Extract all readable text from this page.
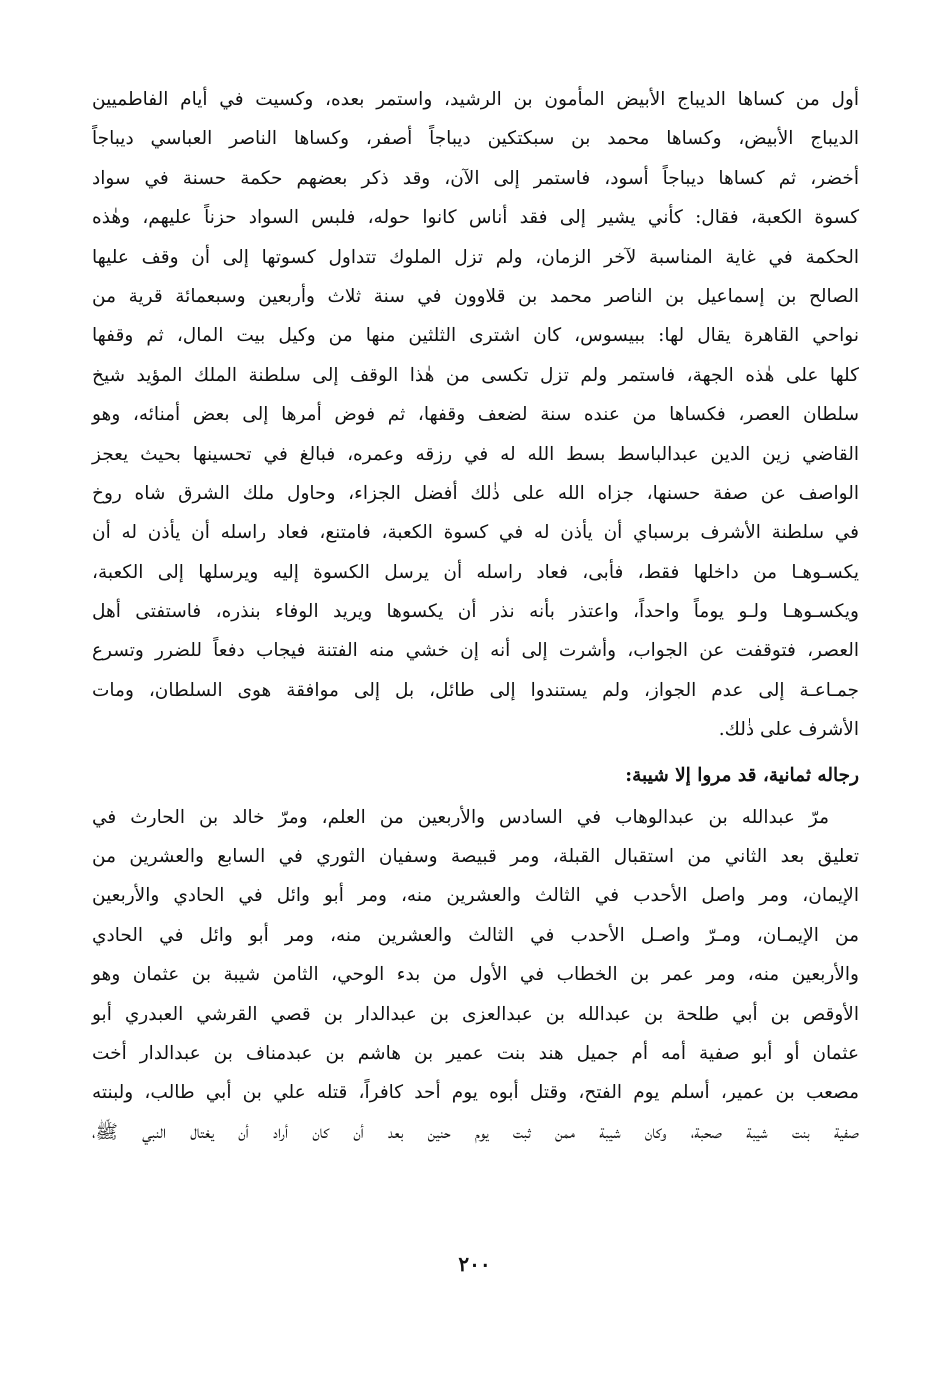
أول من كساها الديباج الأبيض المأمون بن الرشيد، واستمر بعده، وكسيت في أيام الفاطميين
الديباج الأبيض، وكساها محمد بن سبكتكين ديباجاً أصفر، وكساها الناصر العباسي ديباجاً
أخضر، ثم كساها ديباجاً أسود، فاستمر إلى الآن، وقد ذكر بعضهم حكمة حسنة في سواد
كسوة الكعبة، فقال: كأني يشير إلى فقد أناس كانوا حوله، فلبس السواد حزناً عليهم، وهٰذه
الحكمة في غاية المناسبة لآخر الزمان، ولم تزل الملوك تتداول كسوتها إلى أن وقف عليها
الصالح بن إسماعيل بن الناصر محمد بن قلاوون في سنة ثلاث وأربعين وسبعمائة قرية من
نواحي القاهرة يقال لها: ببيسوس، كان اشترى الثلثين منها من وكيل بيت المال، ثم وقفها
كلها على هٰذه الجهة، فاستمر ولم تزل تكسى من هٰذا الوقف إلى سلطنة الملك المؤيد شيخ
سلطان العصر، فكساها من عنده سنة لضعف وقفها، ثم فوض أمرها إلى بعض أمنائه، وهو
القاضي زين الدين عبدالباسط بسط الله له في رزقه وعمره، فبالغ في تحسينها بحيث يعجز
الواصف عن صفة حسنها، جزاه الله على ذٰلك أفضل الجزاء، وحاول ملك الشرق شاه روخ
في سلطنة الأشرف برسباي أن يأذن له في كسوة الكعبة، فامتنع، فعاد راسله أن يأذن له أن
يكسـوهـا من داخلها فقط، فأبى، فعاد راسله أن يرسل الكسوة إليه ويرسلها إلى الكعبة،
ويكسـوهـا ولـو يوماً واحداً، واعتذر بأنه نذر أن يكسوها ويريد الوفاء بنذره، فاستفتى أهل
العصر، فتوقفت عن الجواب، وأشرت إلى أنه إن خشي منه الفتنة فيجاب دفعاً للضرر وتسرع
جمـاعـة إلى عدم الجواز، ولم يستندوا إلى طائل، بل إلى موافقة هوى السلطان، ومات
الأشرف على ذٰلك.
رجاله ثمانية، قد مروا إلا شيبة:
مرّ عبدالله بن عبدالوهاب في السادس والأربعين من العلم، ومرّ خالد بن الحارث في
تعليق بعد الثاني من استقبال القبلة، ومر قبيصة وسفيان الثوري في السابع والعشرين من
الإيمان، ومر واصل الأحدب في الثالث والعشرين منه، ومر أبو وائل في الحادي والأربعين
من الإيمـان، ومـرّ واصـل الأحدب في الثالث والعشرين منه، ومر أبو وائل في الحادي
والأربعين منه، ومر عمر بن الخطاب في الأول من بدء الوحي، الثامن شيبة بن عثمان وهو
الأوقص بن أبي طلحة بن عبدالله بن عبدالعزى بن عبدالدار بن قصي القرشي العبدري أبو
عثمان أو أبو صفية أمه أم جميل هند بنت عمير بن هاشم بن عبدمناف بن عبدالدار أخت
مصعب بن عمير، أسلم يوم الفتح، وقتل أبوه يوم أحد كافراً، قتله علي بن أبي طالب، ولبنته
صفية بنت شيبة صحبة، وكان شيبة ممن ثبت يوم حنين بعد أن كان أراد أن يغتال النبي ﷺ،
٢٠٠
